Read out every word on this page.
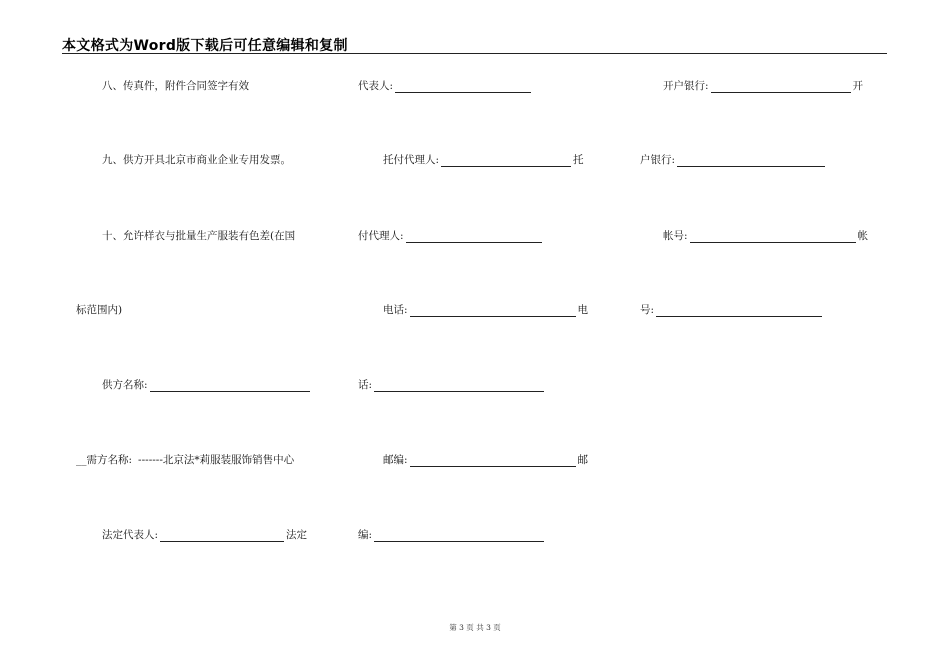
本文格式为Word版下载后可任意编辑和复制
八、传真件，附件合同签字有效	代表人:	开户银行:	开
九、供方开具北京市商业企业专用发票。	托付代理人:	托	户银行:
十、允许样衣与批量生产服装有色差(在国	付代理人:	帐号:	帐
标范围内)	电话:	电	号:
供方名称:	话:
__需方名称: -------北京法*莉服装服饰销售中心	邮编:	邮
法定代表人:	法定	编:
第 3 页 共 3 页
